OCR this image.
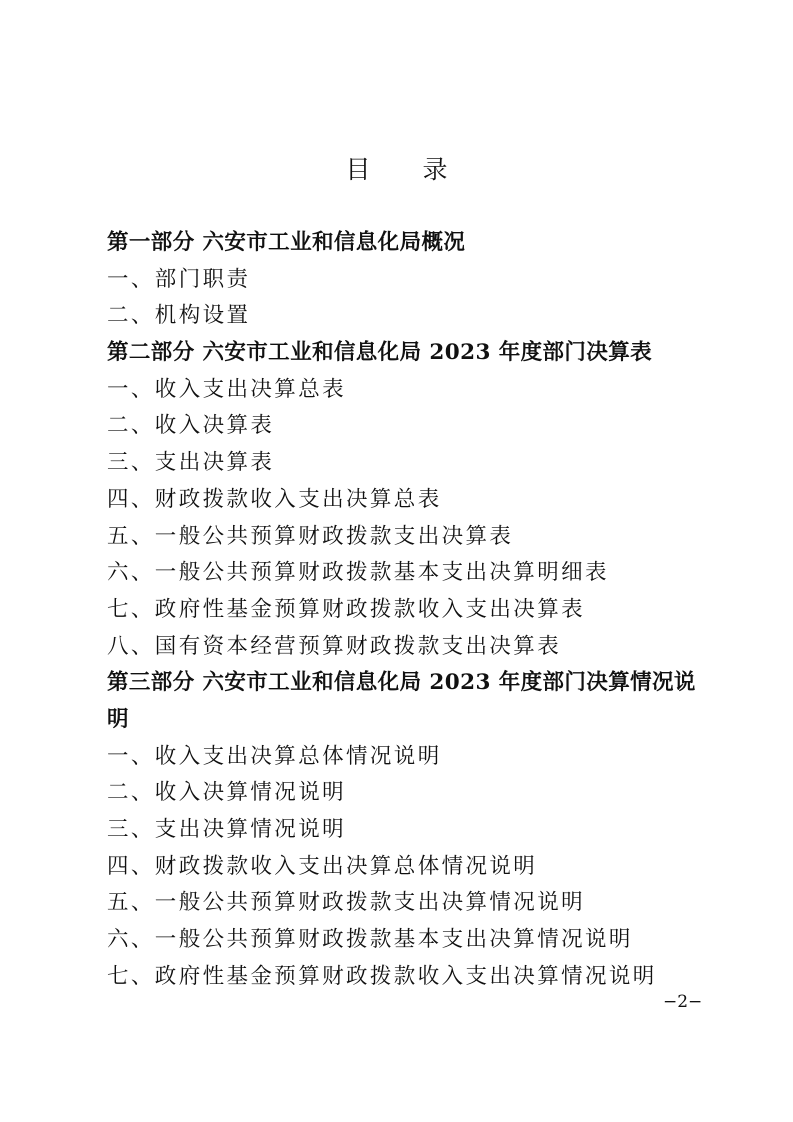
目 录
第一部分 六安市工业和信息化局概况
一、部门职责
二、机构设置
第二部分 六安市工业和信息化局 2023 年度部门决算表
一、收入支出决算总表
二、收入决算表
三、支出决算表
四、财政拨款收入支出决算总表
五、一般公共预算财政拨款支出决算表
六、一般公共预算财政拨款基本支出决算明细表
七、政府性基金预算财政拨款收入支出决算表
八、国有资本经营预算财政拨款支出决算表
第三部分 六安市工业和信息化局 2023 年度部门决算情况说明
一、收入支出决算总体情况说明
二、收入决算情况说明
三、支出决算情况说明
四、财政拨款收入支出决算总体情况说明
五、一般公共预算财政拨款支出决算情况说明
六、一般公共预算财政拨款基本支出决算情况说明
七、政府性基金预算财政拨款收入支出决算情况说明
−2−
